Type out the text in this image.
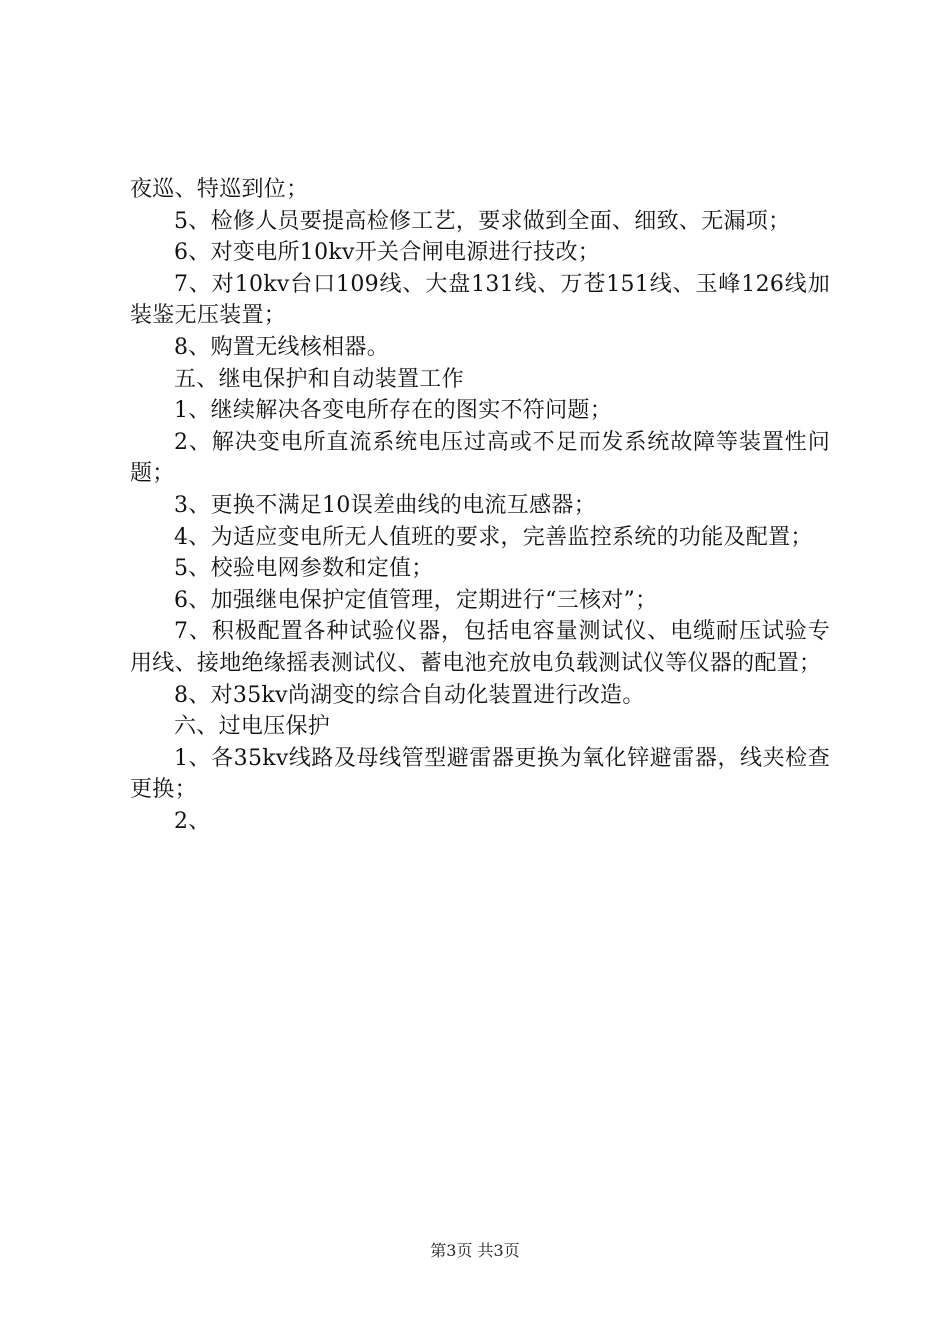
夜巡、特巡到位；

5、检修人员要提高检修工艺，要求做到全面、细致、无漏项；

6、对变电所10kv开关合闸电源进行技改；

7、对10kv台口109线、大盘131线、万苍151线、玉峰126线加装鉴无压装置；

8、购置无线核相器。

五、继电保护和自动装置工作

1、继续解决各变电所存在的图实不符问题；

2、解决变电所直流系统电压过高或不足而发系统故障等装置性问题；

3、更换不满足10误差曲线的电流互感器；

4、为适应变电所无人值班的要求，完善监控系统的功能及配置；

5、校验电网参数和定值；

6、加强继电保护定值管理，定期进行“三核对”；

7、积极配置各种试验仪器，包括电容量测试仪、电缆耐压试验专用线、接地绝缘摇表测试仪、蓄电池充放电负载测试仪等仪器的配置；

8、对35kv尚湖变的综合自动化装置进行改造。

六、过电压保护

1、各35kv线路及母线管型避雷器更换为氧化锌避雷器，线夹检查更换；

2、

第3页 共3页
